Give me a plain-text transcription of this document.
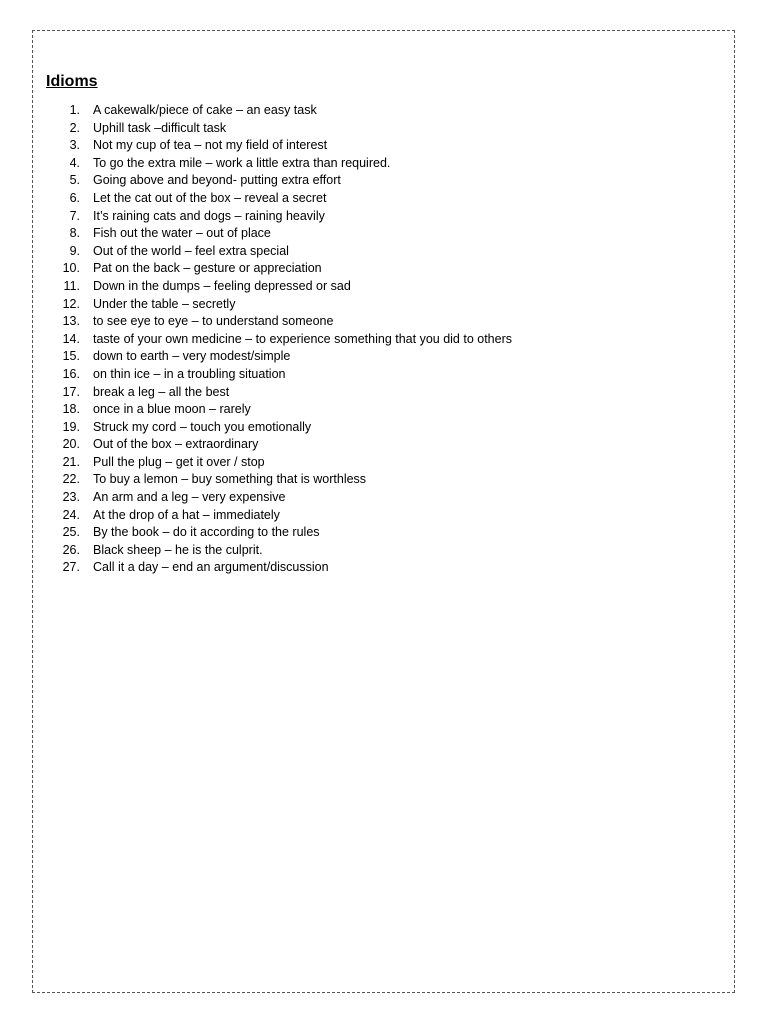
Idioms
1. A cakewalk/piece of cake – an easy task
2. Uphill task –difficult task
3. Not my cup of tea – not my field of interest
4. To go the extra mile – work a little extra than required.
5. Going above and beyond- putting extra effort
6. Let the cat out of the box – reveal a secret
7. It’s raining cats and dogs – raining heavily
8. Fish out the water – out of place
9. Out of the world – feel extra special
10. Pat on the back – gesture or appreciation
11. Down in the dumps – feeling depressed or sad
12. Under the table – secretly
13. to see eye to eye – to understand someone
14. taste of your own medicine – to experience something that you did to others
15. down to earth – very modest/simple
16. on thin ice – in a troubling situation
17. break a leg – all the best
18. once in a blue moon – rarely
19. Struck my cord – touch you emotionally
20. Out of the box – extraordinary
21. Pull the plug – get it over / stop
22. To buy a lemon – buy something that is worthless
23. An arm and a leg – very expensive
24. At the drop of a hat – immediately
25. By the book – do it according to the rules
26. Black sheep – he is the culprit.
27. Call it a day – end an argument/discussion
